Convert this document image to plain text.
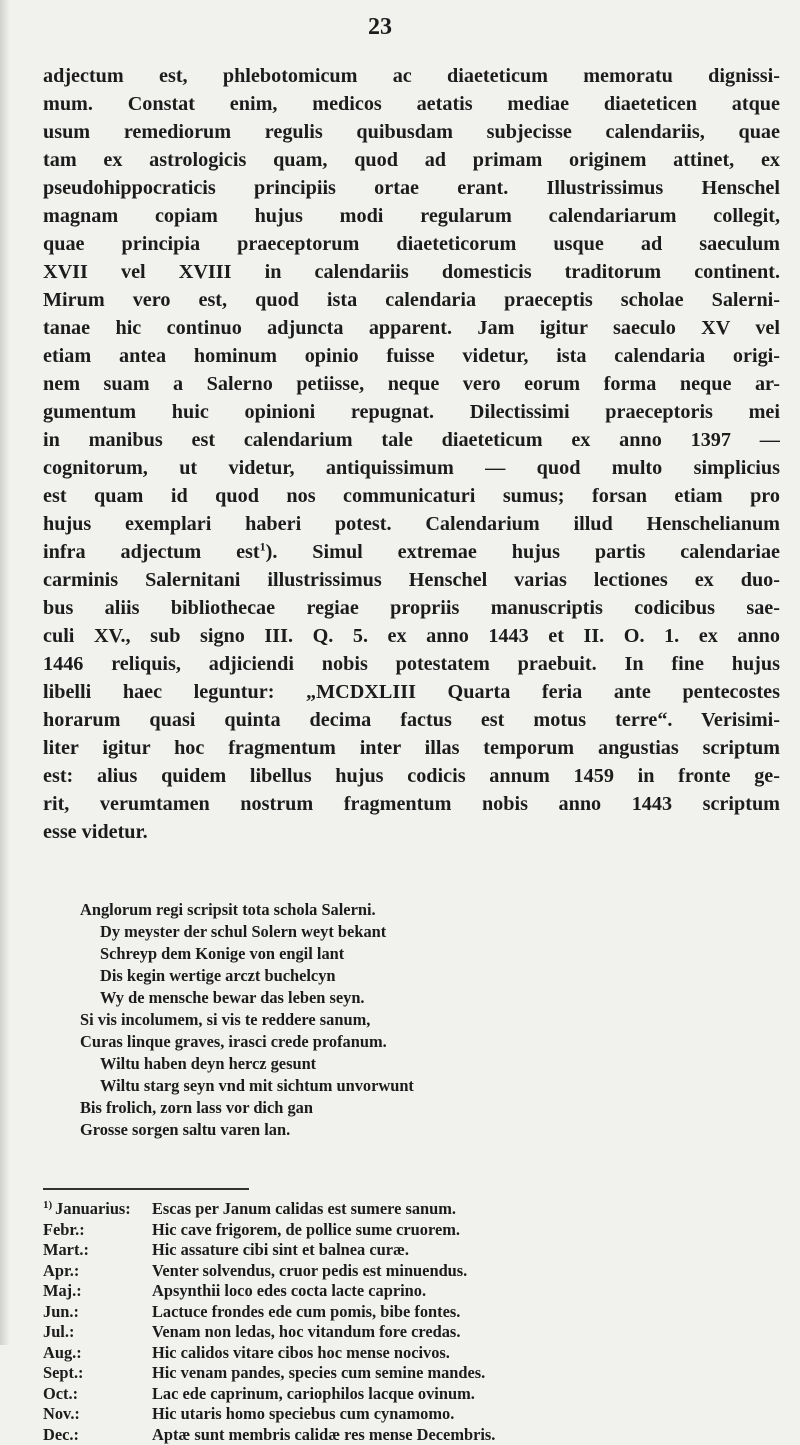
23
adjectum est, phlebotomicum ac diaeteticum memoratu dignissi-
mum. Constat enim, medicos aetatis mediae diaeteticen atque
usum remediorum regulis quibusdam subjecisse calendariis, quae
tam ex astrologicis quam, quod ad primam originem attinet, ex
pseudohippocraticis principiis ortae erant. Illustrissimus Henschel
magnam copiam hujus modi regularum calendariarum collegit,
quae principia praeceptorum diaeteticorum usque ad saeculum
XVII vel XVIII in calendariis domesticis traditorum continent.
Mirum vero est, quod ista calendaria praeceptis scholae Salerni-
tanae hic continuo adjuncta apparent. Jam igitur saeculo XV vel
etiam antea hominum opinio fuisse videtur, ista calendaria origi-
nem suam a Salerno petiisse, neque vero eorum forma neque ar-
gumentum huic opinioni repugnat. Dilectissimi praeceptoris mei
in manibus est calendarium tale diaeteticum ex anno 1397 —
cognitorum, ut videtur, antiquissimum — quod multo simplicius
est quam id quod nos communicaturi sumus; forsan etiam pro
hujus exemplari haberi potest. Calendarium illud Henschelianum
infra adjectum est$^1$). Simul extremae hujus partis calendariae
carminis Salernitani illustrissimus Henschel varias lectiones ex duo-
bus aliis bibliothecae regiae propriis manuscriptis codicibus sae-
culi XV., sub signo III. Q. 5. ex anno 1443 et II. O. 1. ex anno
1446 reliquis, adjiciendi nobis potestatem praebuit. In fine hujus
libelli haec leguntur: „MCDXLIII Quarta feria ante pentecostes
horarum quasi quinta decima factus est motus terre“. Verisimi-
liter igitur hoc fragmentum inter illas temporum angustias scriptum
est: alius quidem libellus hujus codicis annum 1459 in fronte ge-
rit, verumtamen nostrum fragmentum nobis anno 1443 scriptum
esse videtur.
Anglorum regi scripsit tota schola Salerni.
Dy meyster der schul Solern weyt bekant
Schreyp dem Konige von engil lant
Dis kegin wertige arczt buchelcyn
Wy de mensche bewar das leben seyn.
Si vis incolumem, si vis te reddere sanum,
Curas linque graves, irasci crede profanum.
Wiltu haben deyn hercz gesunt
Wiltu starg seyn vnd mit sichtum unvorwunt
Bis frolich, zorn lass vor dich gan
Grosse sorgen saltu varen lan.
$^{1)}$ Januarius:	Escas per Janum calidas est sumere sanum.
Febr.:	Hic cave frigorem, de pollice sume cruorem.
Mart.:	Hic assature cibi sint et balnea curæ.
Apr.:	Venter solvendus, cruor pedis est minuendus.
Maj.:	Apsynthii loco edes cocta lacte caprino.
Jun.:	Lactuce frondes ede cum pomis, bibe fontes.
Jul.:	Venam non ledas, hoc vitandum fore credas.
Aug.:	Hic calidos vitare cibos hoc mense nocivos.
Sept.:	Hic venam pandes, species cum semine mandes.
Oct.:	Lac ede caprinum, cariophilos lacque ovinum.
Nov.:	Hic utaris homo speciebus cum cynamomo.
Dec.:	Aptæ sunt membris calidæ res mense Decembris.
